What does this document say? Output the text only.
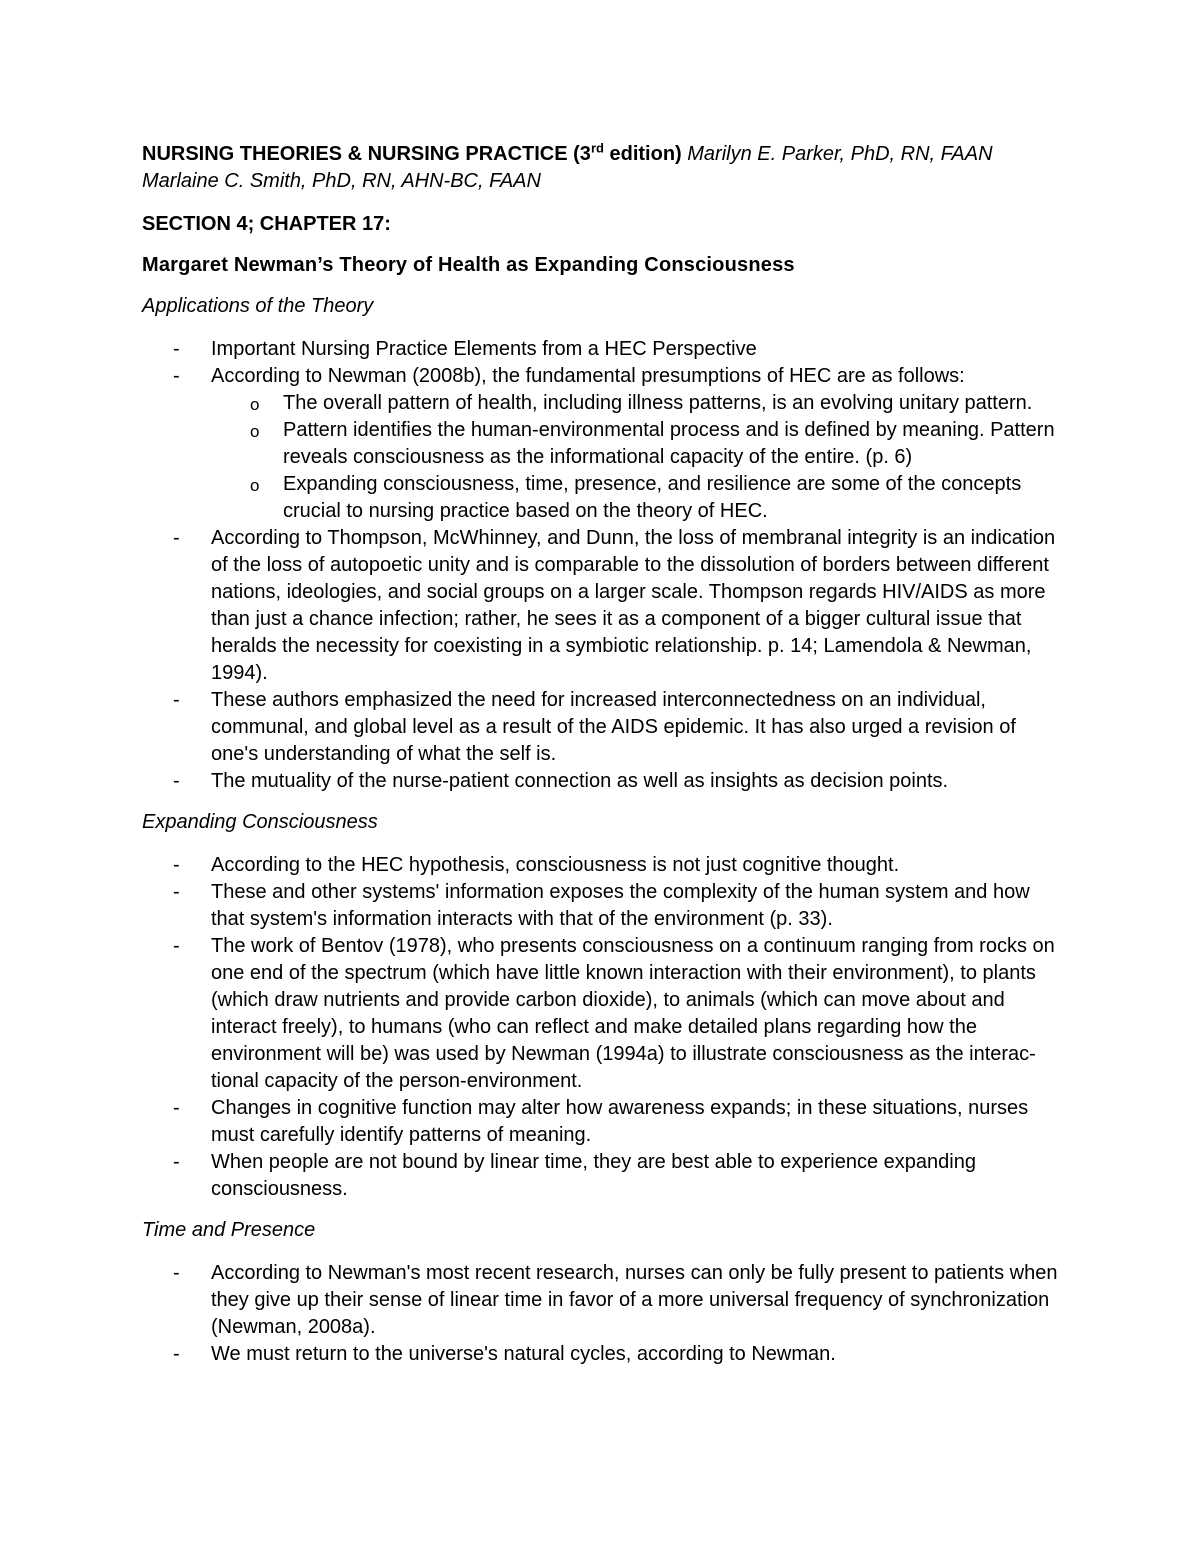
NURSING THEORIES & NURSING PRACTICE (3rd edition) Marilyn E. Parker, PhD, RN, FAAN Marlaine C. Smith, PhD, RN, AHN-BC, FAAN

SECTION 4; CHAPTER 17:
Margaret Newman’s Theory of Health as Expanding Consciousness
Applications of the Theory
- Important Nursing Practice Elements from a HEC Perspective
- According to Newman (2008b), the fundamental presumptions of HEC are as follows:
o The overall pattern of health, including illness patterns, is an evolving unitary pattern.
o Pattern identifies the human-environmental process and is defined by meaning. Pattern reveals consciousness as the informational capacity of the entire. (p. 6)
o Expanding consciousness, time, presence, and resilience are some of the concepts crucial to nursing practice based on the theory of HEC.
- According to Thompson, McWhinney, and Dunn, the loss of membranal integrity is an indication of the loss of autopoetic unity and is comparable to the dissolution of borders between different nations, ideologies, and social groups on a larger scale. Thompson regards HIV/AIDS as more than just a chance infection; rather, he sees it as a component of a bigger cultural issue that heralds the necessity for coexisting in a symbiotic relationship. p. 14; Lamendola & Newman, 1994).
- These authors emphasized the need for increased interconnectedness on an individual, communal, and global level as a result of the AIDS epidemic. It has also urged a revision of one's understanding of what the self is.
- The mutuality of the nurse-patient connection as well as insights as decision points.
Expanding Consciousness
- According to the HEC hypothesis, consciousness is not just cognitive thought.
- These and other systems' information exposes the complexity of the human system and how that system's information interacts with that of the environment (p. 33).
- The work of Bentov (1978), who presents consciousness on a continuum ranging from rocks on one end of the spectrum (which have little known interaction with their environment), to plants (which draw nutrients and provide carbon dioxide), to animals (which can move about and interact freely), to humans (who can reflect and make detailed plans regarding how the environment will be) was used by Newman (1994a) to illustrate consciousness as the interac- tional capacity of the person-environment.
- Changes in cognitive function may alter how awareness expands; in these situations, nurses must carefully identify patterns of meaning.
- When people are not bound by linear time, they are best able to experience expanding consciousness.
Time and Presence
- According to Newman's most recent research, nurses can only be fully present to patients when they give up their sense of linear time in favor of a more universal frequency of synchronization (Newman, 2008a).
- We must return to the universe's natural cycles, according to Newman.
